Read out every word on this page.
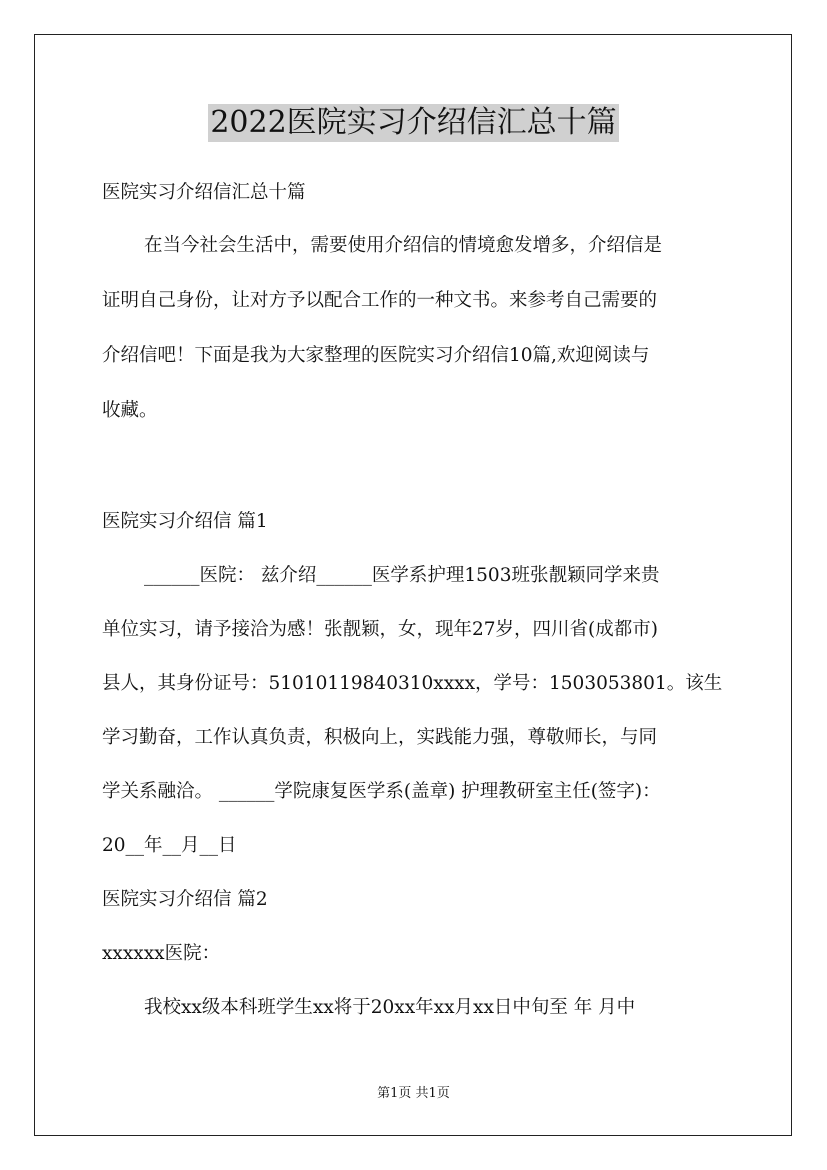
2022医院实习介绍信汇总十篇

医院实习介绍信汇总十篇

在当今社会生活中，需要使用介绍信的情境愈发增多，介绍信是

证明自己身份，让对方予以配合工作的一种文书。来参考自己需要的

介绍信吧！下面是我为大家整理的医院实习介绍信10篇,欢迎阅读与

收藏。

医院实习介绍信 篇1

______医院： 兹介绍______医学系护理1503班张靓颖同学来贵

单位实习，请予接洽为感！张靓颖，女，现年27岁，四川省(成都市)

县人，其身份证号：51010119840310xxxx，学号：1503053801。该生

学习勤奋，工作认真负责，积极向上，实践能力强，尊敬师长，与同

学关系融洽。 ______学院康复医学系(盖章) 护理教研室主任(签字)：

20__年__月__日

医院实习介绍信 篇2

xxxxxx医院：

我校xx级本科班学生xx将于20xx年xx月xx日中旬至 年 月中

第1页 共1页
